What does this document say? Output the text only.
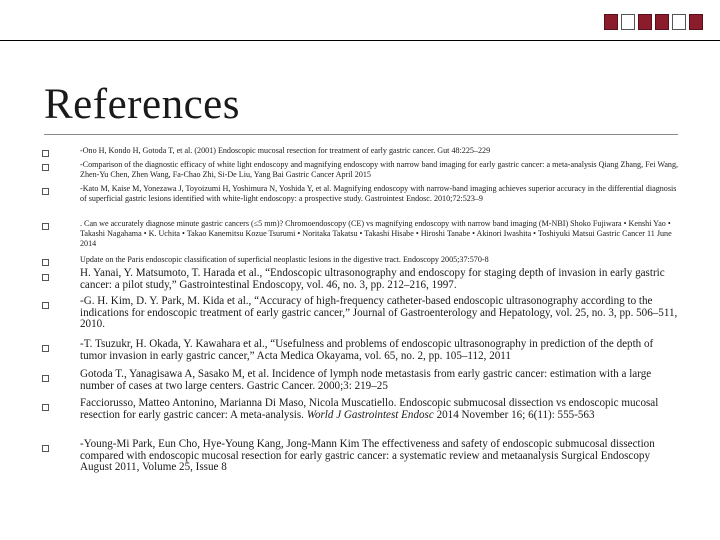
References
-Ono H, Kondo H, Gotoda T, et al. (2001) Endoscopic mucosal resection for treatment of early gastric cancer. Gut 48:225–229
-Comparison of the diagnostic efficacy of white light endoscopy and magnifying endoscopy with narrow band imaging for early gastric cancer: a meta-analysis Qiang Zhang, Fei Wang, Zhen-Yu Chen, Zhen Wang, Fa-Chao Zhi, Si-De Liu, Yang Bai Gastric Cancer April 2015
-Kato M, Kaise M, Yonezawa J, Toyoizumi H, Yoshimura N, Yoshida Y, et al. Magnifying endoscopy with narrow-band imaging achieves superior accuracy in the differential diagnosis of superficial gastric lesions identified with white-light endoscopy: a prospective study. Gastrointest Endosc. 2010;72:523–9
. Can we accurately diagnose minute gastric cancers (≤5 mm)? Chromoendoscopy (CE) vs magnifying endoscopy with narrow band imaging (M-NBI) Shoko Fujiwara • Kenshi Yao • Takashi Nagahama • K. Uchita • Takao Kanemitsu Kozue Tsurumi • Noritaka Takatsu • Takashi Hisabe • Hiroshi Tanabe • Akinori Iwashita • Toshiyuki Matsui Gastric Cancer 11 June 2014
Update on the Paris endoscopic classification of superficial neoplastic lesions in the digestive tract. Endoscopy 2005;37:570-8
H. Yanai, Y. Matsumoto, T. Harada et al., “Endoscopic ultrasonography and endoscopy for staging depth of invasion in early gastric cancer: a pilot study,” Gastrointestinal Endoscopy, vol. 46, no. 3, pp. 212–216, 1997.
-G. H. Kim, D. Y. Park, M. Kida et al., “Accuracy of high-frequency catheter-based endoscopic ultrasonography according to the indications for endoscopic treatment of early gastric cancer,” Journal of Gastroenterology and Hepatology, vol. 25, no. 3, pp. 506–511, 2010.
-T. Tsuzukr, H. Okada, Y. Kawahara et al., “Usefulness and problems of endoscopic ultrasonography in prediction of the depth of tumor invasion in early gastric cancer,” Acta Medica Okayama, vol. 65, no. 2, pp. 105–112, 2011
Gotoda T., Yanagisawa A, Sasako M, et al. Incidence of lymph node metastasis from early gastric cancer: estimation with a large number of cases at two large centers. Gastric Cancer. 2000;3: 219–25
Facciorusso, Matteo Antonino, Marianna Di Maso, Nicola Muscatiello. Endoscopic submucosal dissection vs endoscopic mucosal resection for early gastric cancer: A meta-analysis. World J Gastrointest Endosc 2014 November 16; 6(11): 555-563
-Young-Mi Park, Eun Cho, Hye-Young Kang, Jong-Mann Kim The effectiveness and safety of endoscopic submucosal dissection compared with endoscopic mucosal resection for early gastric cancer: a systematic review and metaanalysis Surgical Endoscopy August 2011, Volume 25, Issue 8
